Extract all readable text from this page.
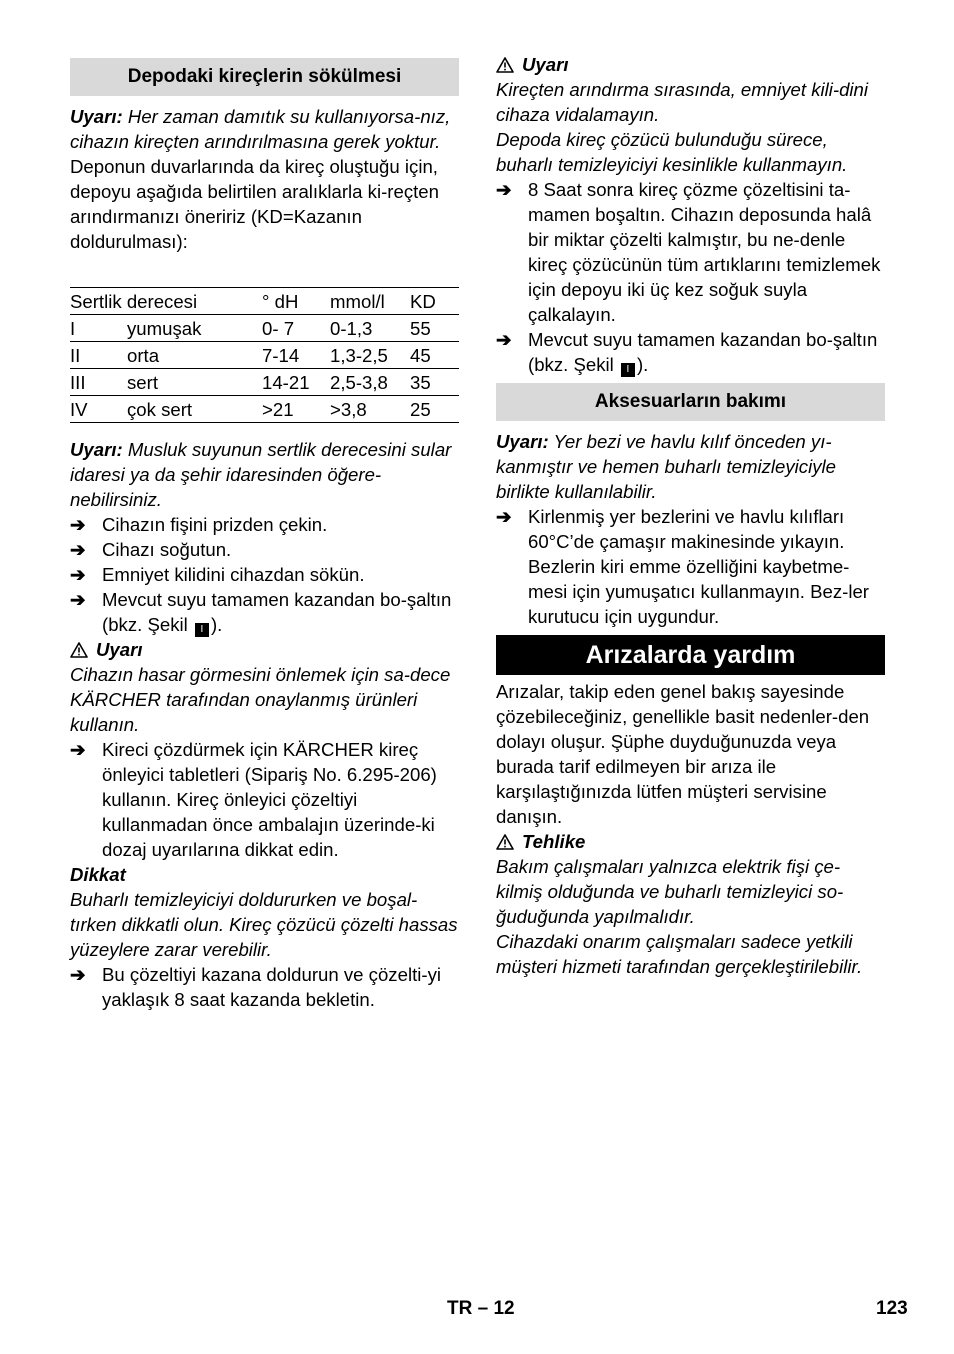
Depodaki kireçlerin sökülmesi

Uyarı: Her zaman damıtık su kullanıyorsa-nız, cihazın kireçten arındırılmasına gerek yoktur.

Deponun duvarlarında da kireç oluştuğu için, depoyu aşağıda belirtilen aralıklarla ki-reçten arındırmanızı öneririz (KD=Kazanın doldurulması):

Sertlik derecesi		° dH	mmol/l	KD
I	yumuşak	0- 7	0-1,3	55
II	orta	7-14	1,3-2,5	45
III	sert	14-21	2,5-3,8	35
IV	çok sert	>21	>3,8	25

Uyarı: Musluk suyunun sertlik derecesini sular idaresi ya da şehir idaresinden öğere-nebilirsiniz.

➔ Cihazın fişini prizden çekin.
➔ Cihazı soğutun.
➔ Emniyet kilidini cihazdan sökün.
➔ Mevcut suyu tamamen kazandan bo-şaltın (bkz. Şekil I ).
Uyarı

Cihazın hasar görmesini önlemek için sa-dece KÄRCHER tarafından onaylanmış ürünleri kullanın.

➔ Kireci çözdürmek için KÄRCHER kireç önleyici tabletleri (Sipariş No. 6.295-206) kullanın. Kireç önleyici çözeltiyi kullanmadan önce ambalajın üzerinde-ki dozaj uyarılarına dikkat edin.

Dikkat

Buharlı temizleyiciyi doldururken ve boşal-tırken dikkatli olun. Kireç çözücü çözelti hassas yüzeylere zarar verebilir.

➔ Bu çözeltiyi kazana doldurun ve çözelti-yi yaklaşık 8 saat kazanda bekletin.
Uyarı

Kireçten arındırma sırasında, emniyet kili-dini cihaza vidalamayın.
Depoda kireç çözücü bulunduğu sürece, buharlı temizleyiciyi kesinlikle kullanmayın.

➔ 8 Saat sonra kireç çözme çözeltisini ta-mamen boşaltın. Cihazın deposunda halâ bir miktar çözelti kalmıştır, bu ne-denle kireç çözücünün tüm artıklarını temizlemek için depoyu iki üç kez soğuk suyla çalkalayın.
➔ Mevcut suyu tamamen kazandan bo-şaltın (bkz. Şekil I ).
Aksesuarların bakımı

Uyarı: Yer bezi ve havlu kılıf önceden yı-kanmıştır ve hemen buharlı temizleyiciyle birlikte kullanılabilir.

➔ Kirlenmiş yer bezlerini ve havlu kılıfları 60°C’de çamaşır makinesinde yıkayın. Bezlerin kiri emme özelliğini kaybetme-mesi için yumuşatıcı kullanmayın. Bez-ler kurutucu için uygundur.
Arızalarda yardım

Arızalar, takip eden genel bakış sayesinde çözebileceğiniz, genellikle basit nedenler-den dolayı oluşur. Şüphe duyduğunuzda veya burada tarif edilmeyen bir arıza ile karşılaştığınızda lütfen müşteri servisine danışın.

Tehlike

Bakım çalışmaları yalnızca elektrik fişi çe-kilmiş olduğunda ve buharlı temizleyici so-ğuduğunda yapılmalıdır.
Cihazdaki onarım çalışmaları sadece yetkili müşteri hizmeti tarafından gerçekleştirilebilir.

TR – 12	123
